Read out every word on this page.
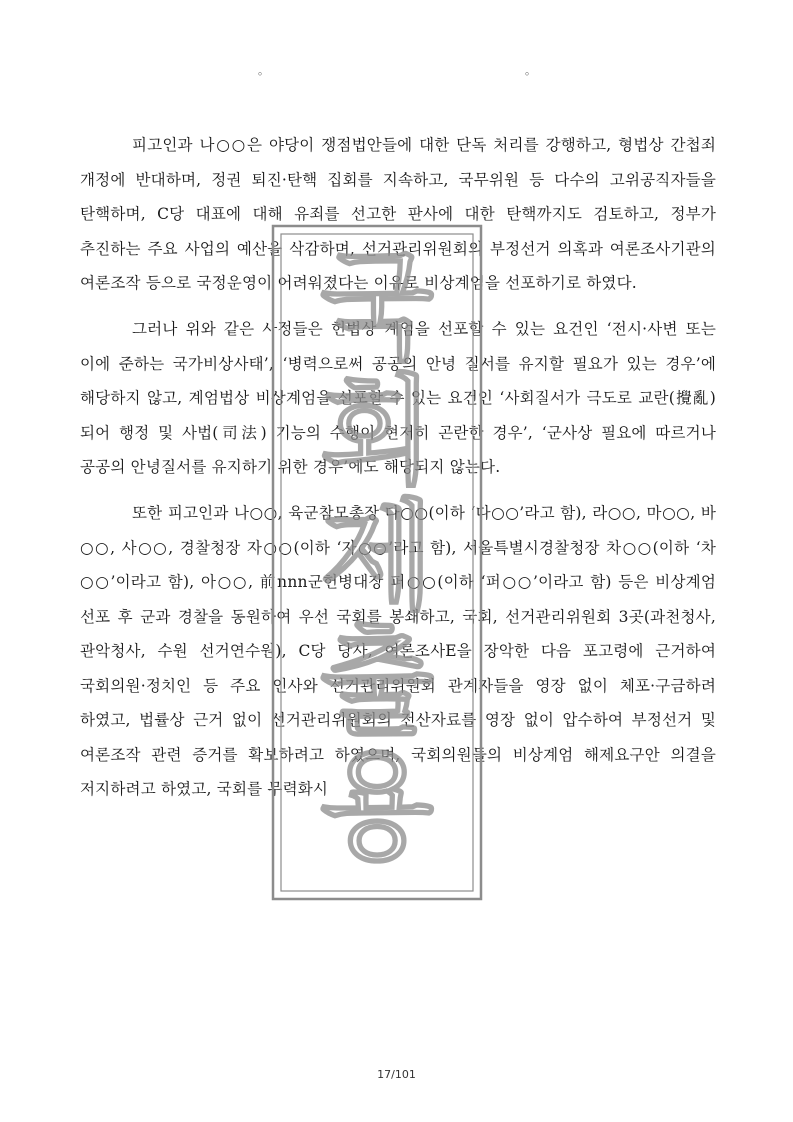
。	。

피고인과 나○○은 야당이 쟁점법안들에 대한 단독 처리를 강행하고, 형법상 간첩죄 개정에 반대하며, 정권 퇴진·탄핵 집회를 지속하고, 국무위원 등 다수의 고위공직자들을 탄핵하며, C당 대표에 대해 유죄를 선고한 판사에 대한 탄핵까지도 검토하고, 정부가 추진하는 주요 사업의 예산을 삭감하며, 선거관리위원회의 부정선거 의혹과 여론조사기관의 여론조작 등으로 국정운영이 어려워졌다는 이유로 비상계엄을 선포하기로 하였다.

그러나 위와 같은 사정들은 헌법상 계엄을 선포할 수 있는 요건인 ‘전시·사변 또는 이에 준하는 국가비상사태’, ‘병력으로써 공공의 안녕 질서를 유지할 필요가 있는 경우’에 해당하지 않고, 계엄법상 비상계엄을 선포할 수 있는 요건인 ‘사회질서가 극도로 교란(攪亂)되어 행정 및 사법(司法) 기능의 수행이 현저히 곤란한 경우’, ‘군사상 필요에 따르거나 공공의 안녕질서를 유지하기 위한 경우’에도 해당되지 않는다.

또한 피고인과 나○○, 육군참모총장 다○○(이하 ‘다○○’라고 함), 라○○, 마○○, 바○○, 사○○, 경찰청장 자○○(이하 ‘자○○’라고 함), 서울특별시경찰청장 차○○(이하 ‘차○○’이라고 함), 아○○, 前nnn군헌병대장 퍼○○(이하 ‘퍼○○’이라고 함) 등은 비상계엄 선포 후 군과 경찰을 동원하여 우선 국회를 봉쇄하고, 국회, 선거관리위원회 3곳(과천청사, 관악청사, 수원 선거연수원), C당 당사, 여론조사E을 장악한 다음 포고령에 근거하여 국회의원·정치인 등 주요 인사와 선거관리위원회 관계자들을 영장 없이 체포·구금하려 하였고, 법률상 근거 없이 선거관리위원회의 전산자료를 영장 없이 압수하여 부정선거 및 여론조작 관련 증거를 확보하려고 하였으며, 국회의원들의 비상계엄 해제요구안 의결을 저지하려고 하였고, 국회를 무력화시

국
회
제
출
용
17/101
